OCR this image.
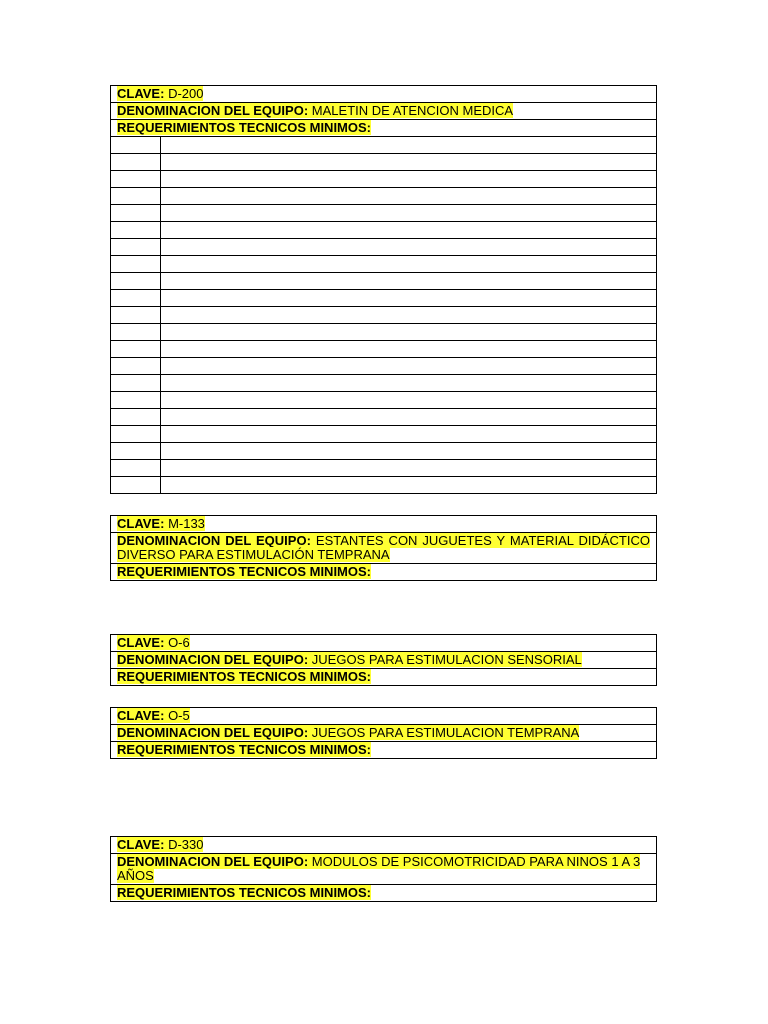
CLAVE: D-200	
DENOMINACION DEL EQUIPO: MALETIN DE ATENCION MEDICA	
REQUERIMIENTOS TECNICOS MINIMOS:	

CLAVE: M-133
DENOMINACION DEL EQUIPO: ESTANTES CON JUGUETES Y MATERIAL DIDÁCTICO DIVERSO PARA ESTIMULACIÓN TEMPRANA
REQUERIMIENTOS TECNICOS MINIMOS:
CLAVE: O-6
DENOMINACION DEL EQUIPO: JUEGOS PARA ESTIMULACION SENSORIAL
REQUERIMIENTOS TECNICOS MINIMOS:
CLAVE: O-5
DENOMINACION DEL EQUIPO: JUEGOS PARA ESTIMULACION TEMPRANA
REQUERIMIENTOS TECNICOS MINIMOS:
CLAVE: D-330
DENOMINACION DEL EQUIPO: MODULOS DE PSICOMOTRICIDAD PARA NINOS 1 A 3 AÑOS
REQUERIMIENTOS TECNICOS MINIMOS:
